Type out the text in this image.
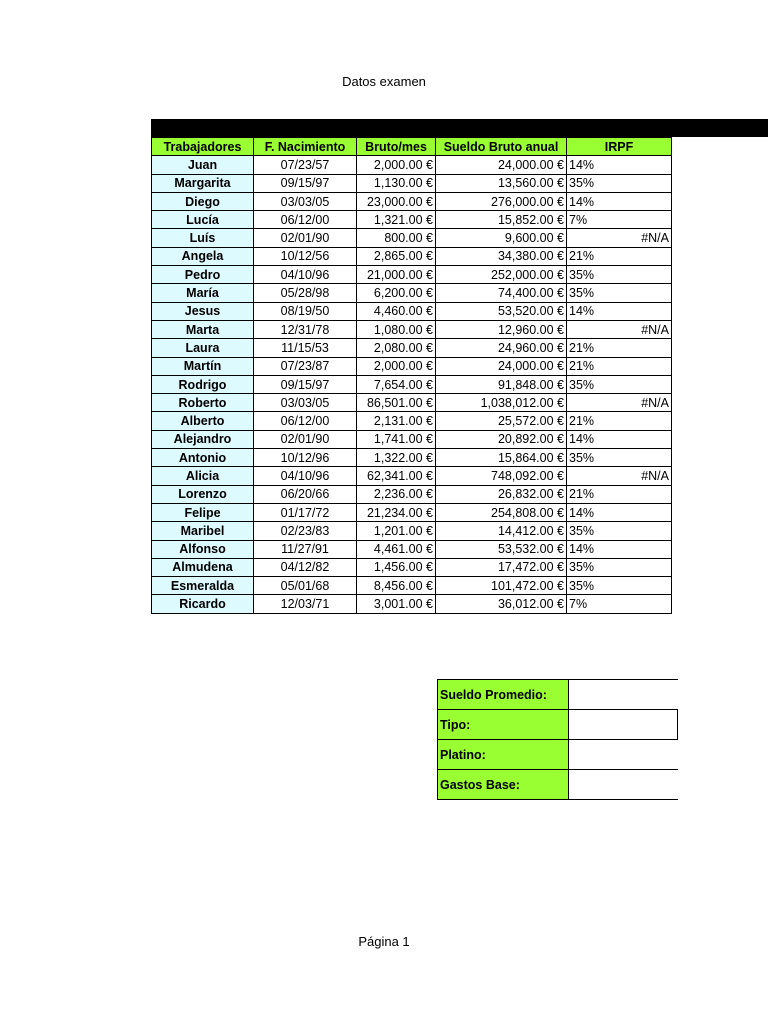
Datos examen
Trabajadores	F. Nacimiento	Bruto/mes	Sueldo Bruto anual	IRPF
Juan	07/23/57	2,000.00 €	24,000.00 €	14%
Margarita	09/15/97	1,130.00 €	13,560.00 €	35%
Diego	03/03/05	23,000.00 €	276,000.00 €	14%
Lucía	06/12/00	1,321.00 €	15,852.00 €	7%
Luís	02/01/90	800.00 €	9,600.00 €	#N/A
Angela	10/12/56	2,865.00 €	34,380.00 €	21%
Pedro	04/10/96	21,000.00 €	252,000.00 €	35%
María	05/28/98	6,200.00 €	74,400.00 €	35%
Jesus	08/19/50	4,460.00 €	53,520.00 €	14%
Marta	12/31/78	1,080.00 €	12,960.00 €	#N/A
Laura	11/15/53	2,080.00 €	24,960.00 €	21%
Martín	07/23/87	2,000.00 €	24,000.00 €	21%
Rodrigo	09/15/97	7,654.00 €	91,848.00 €	35%
Roberto	03/03/05	86,501.00 €	1,038,012.00 €	#N/A
Alberto	06/12/00	2,131.00 €	25,572.00 €	21%
Alejandro	02/01/90	1,741.00 €	20,892.00 €	14%
Antonio	10/12/96	1,322.00 €	15,864.00 €	35%
Alicia	04/10/96	62,341.00 €	748,092.00 €	#N/A
Lorenzo	06/20/66	2,236.00 €	26,832.00 €	21%
Felipe	01/17/72	21,234.00 €	254,808.00 €	14%
Maribel	02/23/83	1,201.00 €	14,412.00 €	35%
Alfonso	11/27/91	4,461.00 €	53,532.00 €	14%
Almudena	04/12/82	1,456.00 €	17,472.00 €	35%
Esmeralda	05/01/68	8,456.00 €	101,472.00 €	35%
Ricardo	12/03/71	3,001.00 €	36,012.00 €	7%
Sueldo Promedio:	
Tipo:	
Platino:	
Gastos Base:	
Página 1
